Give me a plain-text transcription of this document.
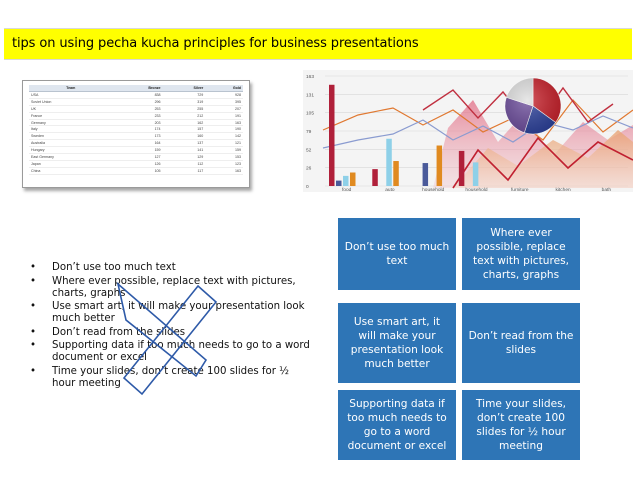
tips on using pecha kucha principles for business presentations
Team	Bronze	Silver	Gold
USA	838	729	928
Soviet Union	296	319	395
UK	253	255	207
France	233	212	191
Germany	203	162	163
Italy	174	157	190
Sweden	173	160	142
Australia	164	137	121
Hungary	159	141	159
East Germany	127	129	153
Japan	126	112	123
China	105	117	163
163
131
105
79
52
26
0
food	auto	household	household	furniture	kitchen	bath
• Don’t use too much text
• Where ever possible, replace text with pictures, charts, graphs
• Use smart art, it will make your presentation look much better
• Don’t read from the slides
• Supporting data if too much needs to go to a word document or excel
• Time your slides, don’t create 100 slides for ½ hour meeting
Don’t use too much text
Where ever possible, replace text with pictures, charts, graphs
Use smart art, it will make your presentation look much better
Don’t read from the slides
Supporting data if too much needs to go to a word document or excel
Time your slides, don’t create 100 slides for ½ hour meeting
